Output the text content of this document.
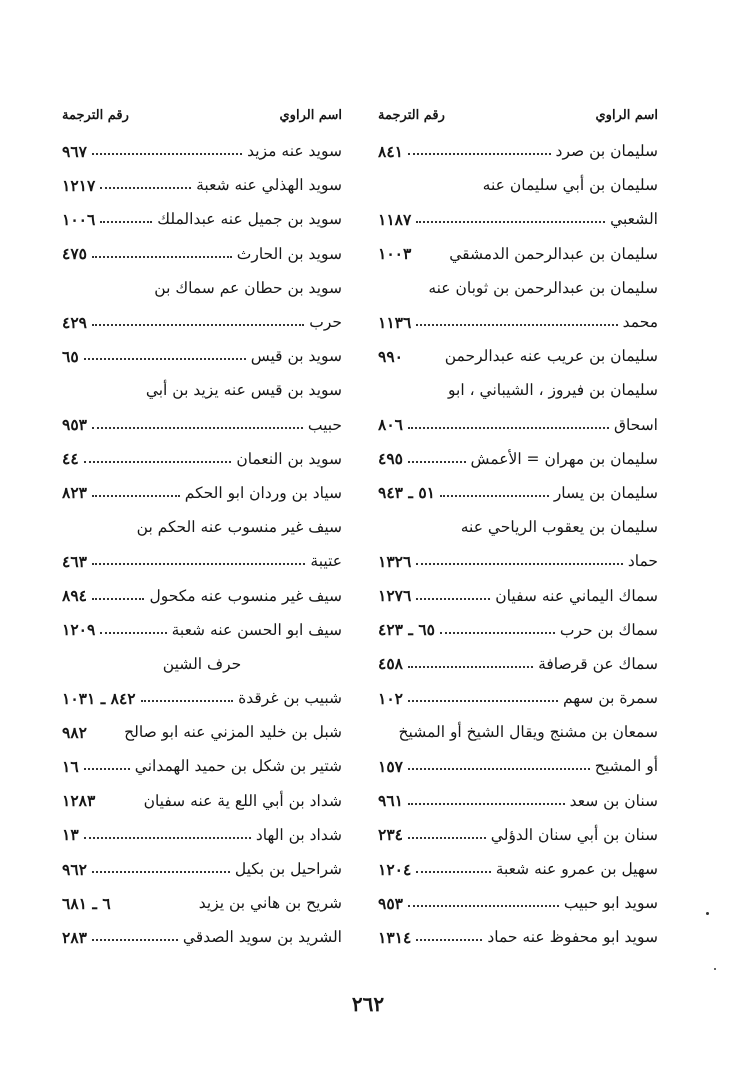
اسم الراوي
رقم الترجمة
سليمان بن صرد
٨٤١
سليمان بن أبي سليمان عنه
الشعبي
١١٨٧
سليمان بن عبدالرحمن الدمشقي
١٠٠٣
سليمان بن عبدالرحمن بن ثوبان عنه
محمد
١١٣٦
سليمان بن عريب عنه عبدالرحمن
٩٩٠
سليمان بن فيروز ، الشيباني ، ابو
اسحاق
٨٠٦
سليمان بن مهران = الأعمش
٤٩٥
سليمان بن يسار
٥١ ـ ٩٤٣
سليمان بن يعقوب الرياحي عنه
حماد
١٣٢٦
سماك اليماني عنه سفيان
١٢٧٦
سماك بن حرب
٦٥ ـ ٤٢٣
سماك عن قرصافة
٤٥٨
سمرة بن سهم
١٠٢
سمعان بن مشنج ويقال الشيخ أو المشيخ
أو المشيح
١٥٧
سنان بن سعد
٩٦١
سنان بن أبي سنان الدؤلي
٢٣٤
سهيل بن عمرو عنه شعبة
١٢٠٤
سويد ابو حبيب
٩٥٣
سويد ابو محفوظ عنه حماد
١٣١٤
اسم الراوي
رقم الترجمة
سويد عنه مزيد
٩٦٧
سويد الهذلي عنه شعبة
١٢١٧
سويد بن جميل عنه عبدالملك
١٠٠٦
سويد بن الحارث
٤٧٥
سويد بن حطان عم سماك بن
حرب
٤٢٩
سويد بن قيس
٦٥
سويد بن قيس عنه يزيد بن أبي
حبيب
٩٥٣
سويد بن النعمان
٤٤
سياد بن وردان ابو الحكم
٨٢٣
سيف غير منسوب عنه الحكم بن
عتيبة
٤٦٣
سيف غير منسوب عنه مكحول
٨٩٤
سيف ابو الحسن عنه شعبة
١٢٠٩
حرف الشين
شبيب بن غرقدة
٨٤٢ ـ ١٠٣١
شبل بن خليد المزني عنه ابو صالح
٩٨٢
شتير بن شكل بن حميد الهمداني
١٦
شداد بن أبي اللع ية عنه سفيان
١٢٨٣
شداد بن الهاد
١٣
شراحيل بن بكيل
٩٦٢
شريح بن هاني بن يزيد
٦ ـ ٦٨١
الشريد بن سويد الصدقي
٢٨٣
٢٦٢
